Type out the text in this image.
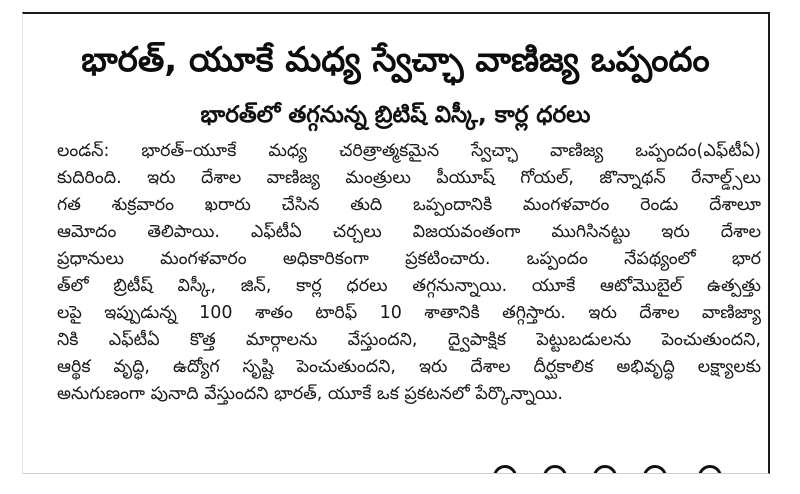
భారత్, యూకే మధ్య స్వేచ్ఛా వాణిజ్య ఒప్పందం
భారత్‌లో తగ్గనున్న బ్రిటిష్ విస్కీ, కార్ల ధరలు
లండన్: భారత్–యూకే మధ్య చరిత్రాత్మకమైన స్వేచ్ఛా వాణిజ్య ఒప్పందం(ఎఫ్‌టీఏ)
కుదిరింది. ఇరు దేశాల వాణిజ్య మంత్రులు పీయూష్ గోయల్, జొన్నాథన్ రేనాల్డ్స్‌లు
గత శుక్రవారం ఖరారు చేసిన తుది ఒప్పందానికి మంగళవారం రెండు దేశాలూ
ఆమోదం తెలిపాయి. ఎఫ్‌టీఏ చర్చలు విజయవంతంగా ముగిసినట్టు ఇరు దేశాల
ప్రధానులు మంగళవారం అధికారికంగా ప్రకటించారు. ఒప్పందం నేపథ్యంలో భార
త్‌లో బ్రిటీష్ విస్కీ, జిన్, కార్ల ధరలు తగ్గనున్నాయి. యూకే ఆటోమొబైల్ ఉత్పత్తు
లపై ఇప్పుడున్న 100 శాతం టారిఫ్ 10 శాతానికి తగ్గిస్తారు. ఇరు దేశాల వాణిజ్యా
నికి ఎఫ్‌టీఏ కొత్త మార్గాలను వేస్తుందని, ద్వైపాక్షిక పెట్టుబడులను పెంచుతుందని,
ఆర్థిక వృద్ధి, ఉద్యోగ సృష్టి పెంచుతుందని, ఇరు దేశాల దీర్ఘకాలిక అభివృద్ధి లక్ష్యాలకు
అనుగుణంగా పునాది వేస్తుందని భారత్, యూకే ఒక ప్రకటనలో పేర్కొన్నాయి.
